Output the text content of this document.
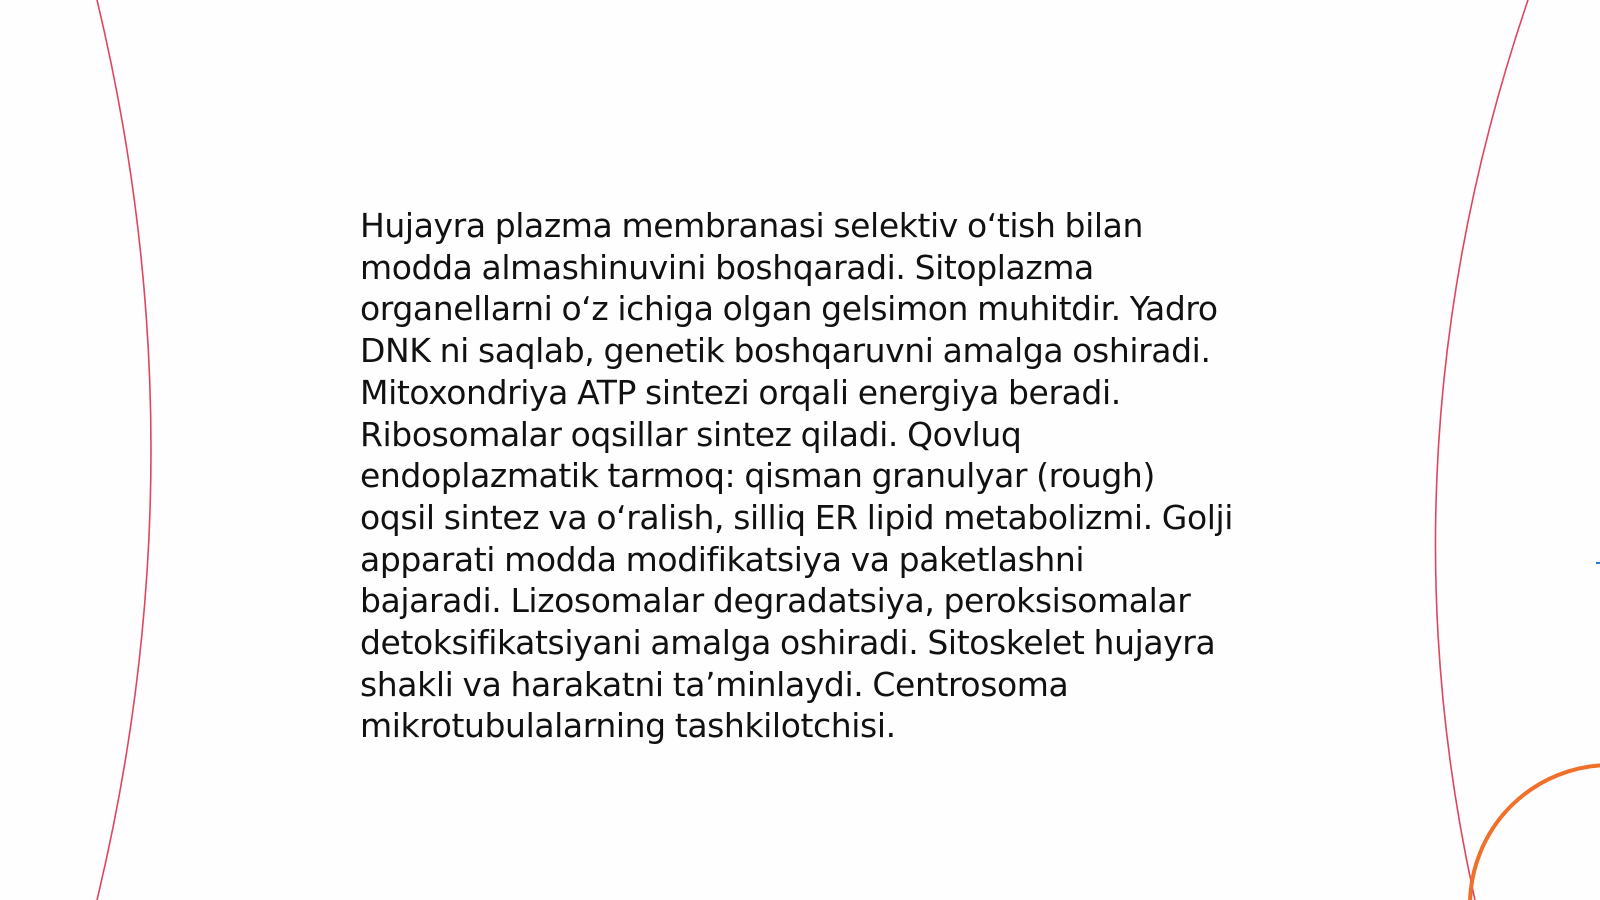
Hujayra plazma membranasi selektiv o‘tish bilan
modda almashinuvini boshqaradi. Sitoplazma
organellarni o‘z ichiga olgan gelsimon muhitdir. Yadro
DNK ni saqlab, genetik boshqaruvni amalga oshiradi.
Mitoxondriya ATP sintezi orqali energiya beradi.
Ribosomalar oqsillar sintez qiladi. Qovluq
endoplazmatik tarmoq: qisman granulyar (rough)
oqsil sintez va o‘ralish, silliq ER lipid metabolizmi. Golji
apparati modda modifikatsiya va paketlashni
bajaradi. Lizosomalar degradatsiya, peroksisomalar
detoksifikatsiyani amalga oshiradi. Sitoskelet hujayra
shakli va harakatni ta’minlaydi. Centrosoma
mikrotubulalarning tashkilotchisi.
